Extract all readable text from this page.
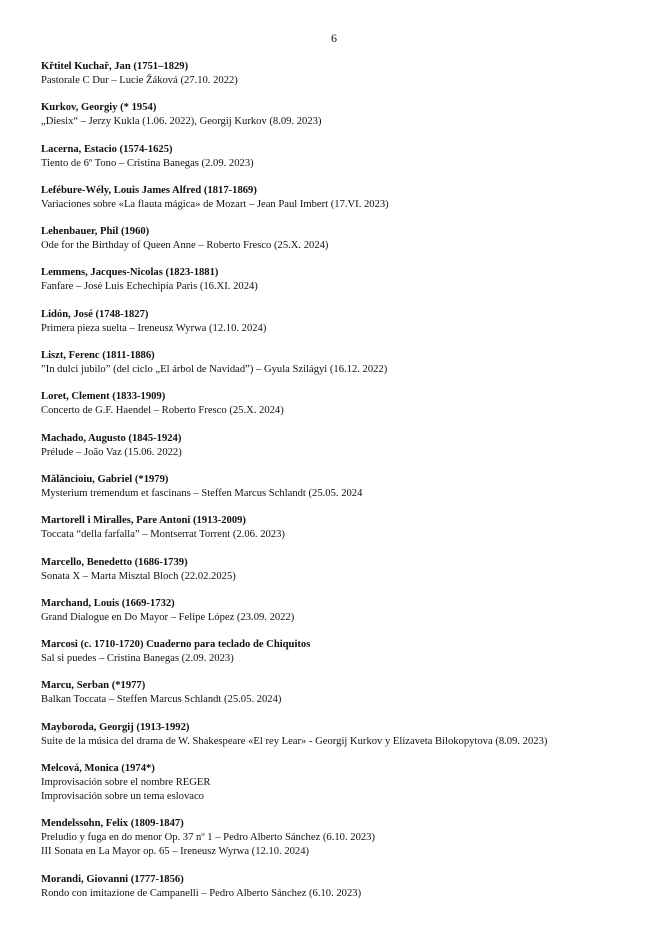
6
Křtitel Kuchař, Jan (1751–1829)
Pastorale C Dur – Lucie Žáková (27.10. 2022)
Kurkov, Georgiy (* 1954)
„Diesix“ – Jerzy Kukla (1.06. 2022), Georgij Kurkov (8.09. 2023)
Lacerna, Estacio (1574-1625)
Tiento de 6º Tono – Cristina Banegas (2.09. 2023)
Lefébure-Wély, Louis James Alfred (1817-1869)
Variaciones sobre «La flauta mágica» de Mozart – Jean Paul Imbert (17.VI. 2023)
Lehenbauer, Phil (1960)
Ode for the Birthday of Queen Anne – Roberto Fresco (25.X. 2024)
Lemmens, Jacques-Nicolas (1823-1881)
Fanfare – José Luis Echechipía Paris (16.XI. 2024)
Lidón, José (1748-1827)
Primera pieza suelta – Ireneusz Wyrwa (12.10. 2024)
Liszt, Ferenc (1811-1886)
”In dulci jubilo” (del ciclo „El árbol de Navidad”) – Gyula Szilágyi (16.12. 2022)
Loret, Clement (1833-1909)
Concerto de G.F. Haendel – Roberto Fresco (25.X. 2024)
Machado, Augusto (1845-1924)
Prélude – João Vaz (15.06. 2022)
Mălăncioiu, Gabriel (*1979)
Mysterium tremendum et fascinans – Steffen Marcus Schlandt (25.05. 2024
Martorell i Miralles, Pare Antoni (1913-2009)
Toccata “della farfalla” – Montserrat Torrent (2.06. 2023)
Marcello, Benedetto (1686-1739)
Sonata X – Marta Misztal Bloch (22.02.2025)
Marchand, Louis (1669-1732)
Grand Dialogue en Do Mayor – Felipe López (23.09. 2022)
Marcosi (c. 1710-1720) Cuaderno para teclado de Chiquitos
Sal si puedes – Cristina Banegas (2.09. 2023)
Marcu, Serban (*1977)
Balkan Toccata – Steffen Marcus Schlandt (25.05. 2024)
Mayboroda, Georgij (1913-1992)
Suite de la música del drama de W. Shakespeare «El rey Lear» - Georgij Kurkov y Elizaveta Bilokopytova (8.09. 2023)
Melcová, Monica (1974*)
Improvisación sobre el nombre REGER
Improvisación sobre un tema eslovaco
Mendelssohn, Felix (1809-1847)
Preludio y fuga en do menor Op. 37 nº 1 – Pedro Alberto Sánchez (6.10. 2023)
III Sonata en La Mayor op. 65 – Ireneusz Wyrwa (12.10. 2024)
Morandi, Giovanni (1777-1856)
Rondo con imitazione de Campanelli – Pedro Alberto Sánchez (6.10. 2023)
